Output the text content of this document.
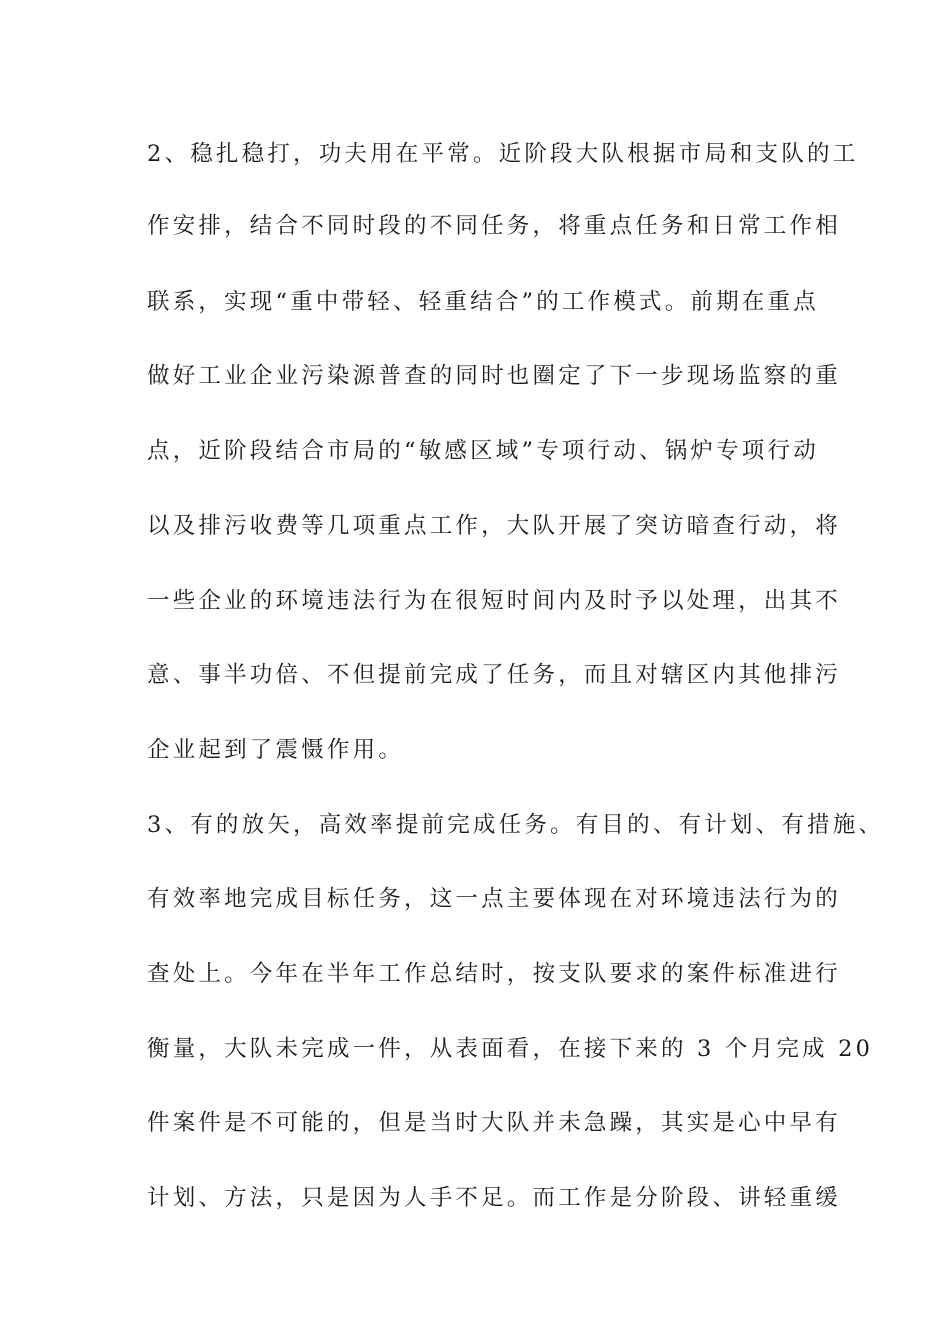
2、稳扎稳打，功夫用在平常。近阶段大队根据市局和支队的工
作安排，结合不同时段的不同任务，将重点任务和日常工作相
联系，实现“重中带轻、轻重结合”的工作模式。前期在重点
做好工业企业污染源普查的同时也圈定了下一步现场监察的重
点，近阶段结合市局的“敏感区域”专项行动、锅炉专项行动
以及排污收费等几项重点工作，大队开展了突访暗查行动，将
一些企业的环境违法行为在很短时间内及时予以处理，出其不
意、事半功倍、不但提前完成了任务，而且对辖区内其他排污
企业起到了震慑作用。
3、有的放矢，高效率提前完成任务。有目的、有计划、有措施、
有效率地完成目标任务，这一点主要体现在对环境违法行为的
查处上。今年在半年工作总结时，按支队要求的案件标准进行
衡量，大队未完成一件，从表面看，在接下来的 3 个月完成 20
件案件是不可能的，但是当时大队并未急躁，其实是心中早有
计划、方法，只是因为人手不足。而工作是分阶段、讲轻重缓
